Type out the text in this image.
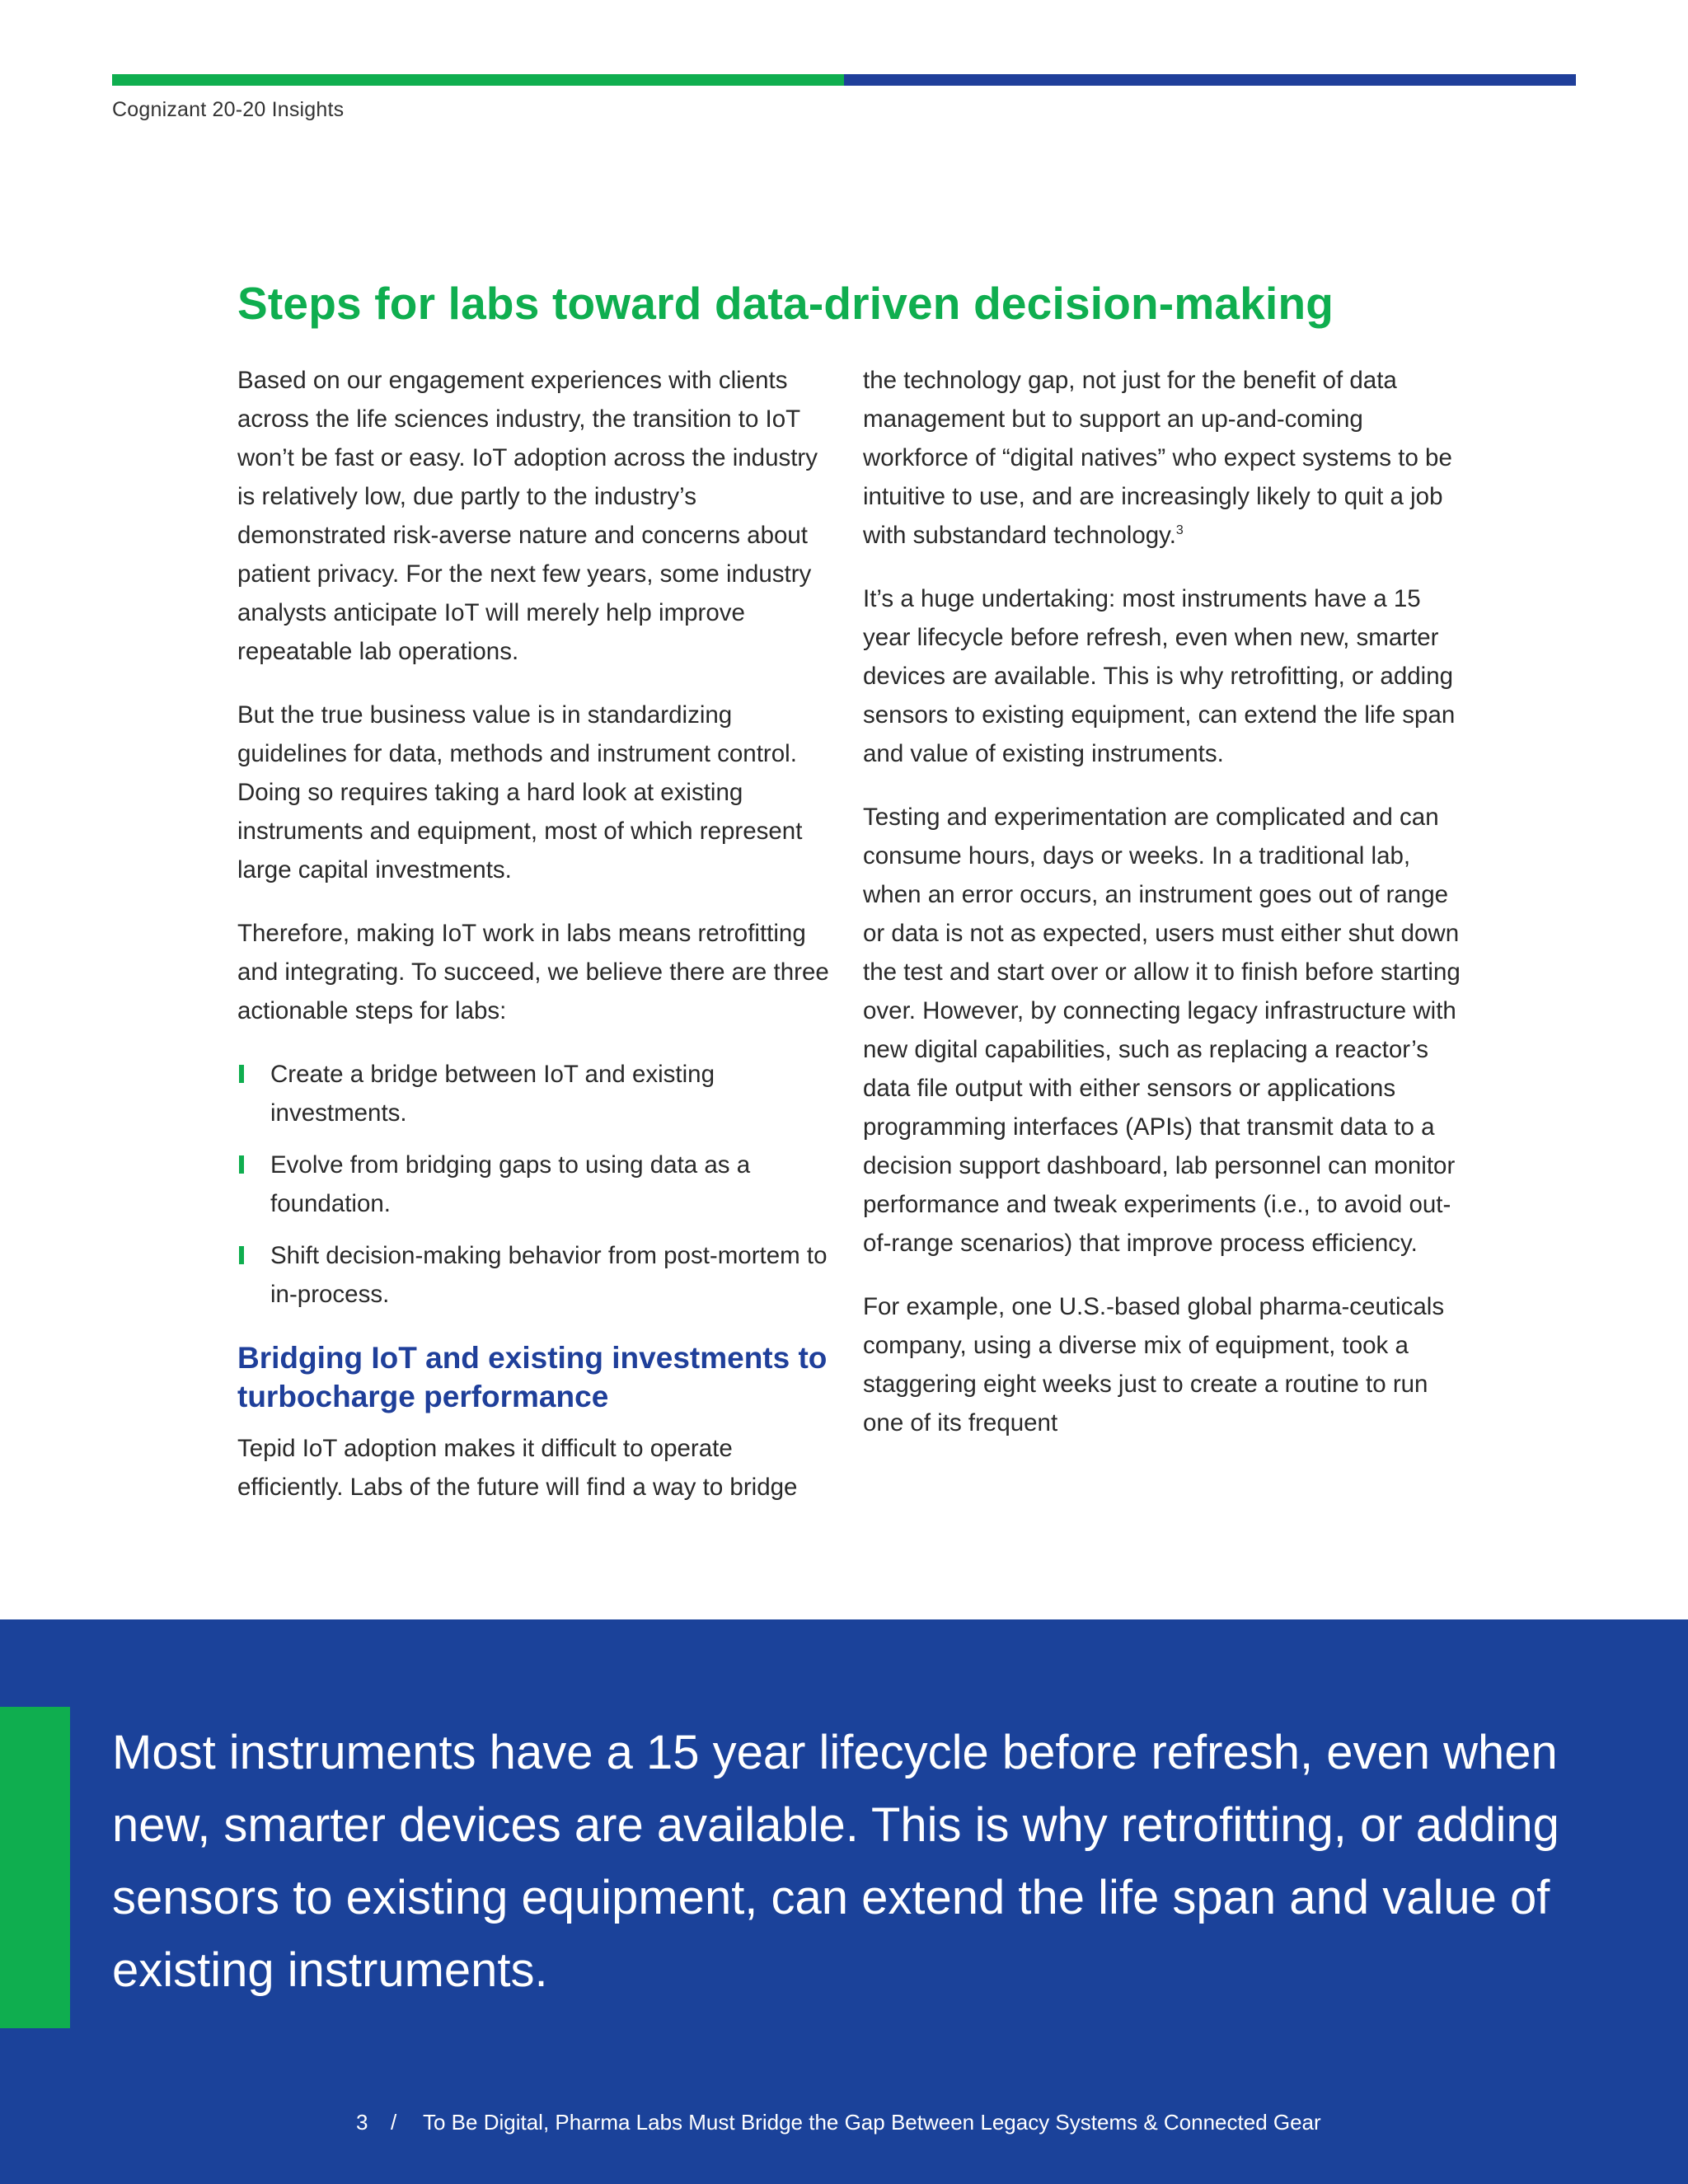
Cognizant 20-20 Insights
Steps for labs toward data-driven decision-making

Based on our engagement experiences with clients across the life sciences industry, the transition to IoT won’t be fast or easy. IoT adoption across the industry is relatively low, due partly to the industry’s demonstrated risk-averse nature and concerns about patient privacy. For the next few years, some industry analysts anticipate IoT will merely help improve repeatable lab operations.

But the true business value is in standardizing guidelines for data, methods and instrument control. Doing so requires taking a hard look at existing instruments and equipment, most of which represent large capital investments.

Therefore, making IoT work in labs means retrofitting and integrating. To succeed, we believe there are three actionable steps for labs:

Create a bridge between IoT and existing investments.
Evolve from bridging gaps to using data as a foundation.
Shift decision-making behavior from post-mortem to in-process.
Bridging IoT and existing investments to turbocharge performance

Tepid IoT adoption makes it difficult to operate efficiently. Labs of the future will find a way to bridge

the technology gap, not just for the benefit of data management but to support an up-and-coming workforce of “digital natives” who expect systems to be intuitive to use, and are increasingly likely to quit a job with substandard technology.$^3$

It’s a huge undertaking: most instruments have a 15 year lifecycle before refresh, even when new, smarter devices are available. This is why retrofitting, or adding sensors to existing equipment, can extend the life span and value of existing instruments.

Testing and experimentation are complicated and can consume hours, days or weeks. In a traditional lab, when an error occurs, an instrument goes out of range or data is not as expected, users must either shut down the test and start over or allow it to finish before starting over. However, by connecting legacy infrastructure with new digital capabilities, such as replacing a reactor’s data file output with either sensors or applications programming interfaces (APIs) that transmit data to a decision support dashboard, lab personnel can monitor performance and tweak experiments (i.e., to avoid out-of-range scenarios) that improve process efficiency.

For example, one U.S.-based global pharma-ceuticals company, using a diverse mix of equipment, took a staggering eight weeks just to create a routine to run one of its frequent

Most instruments have a 15 year lifecycle before refresh, even when new, smarter devices are available. This is why retrofitting, or adding sensors to existing equipment, can extend the life span and value of existing instruments.

3 / To Be Digital, Pharma Labs Must Bridge the Gap Between Legacy Systems & Connected Gear
